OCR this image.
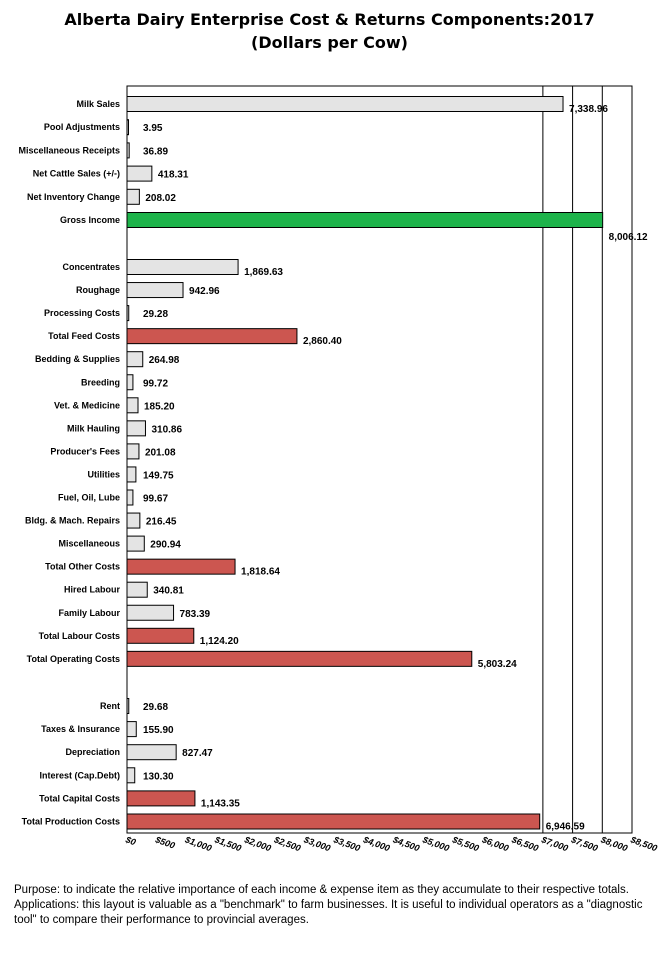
Alberta Dairy Enterprise Cost & Returns Components:2017
(Dollars per Cow)
Milk Sales
Pool Adjustments
Miscellaneous Receipts
Net Cattle Sales (+/-)
Net Inventory Change
Gross Income
Concentrates
Roughage
Processing Costs
Total Feed Costs
Bedding & Supplies
Breeding
Vet. & Medicine
Milk Hauling
Producer's Fees
Utilities
Fuel, Oil, Lube
Bldg. & Mach. Repairs
Miscellaneous
Total Other Costs
Hired Labour
Family Labour
Total Labour Costs
Total Operating Costs
Rent
Taxes & Insurance
Depreciation
Interest (Cap.Debt)
Total Capital Costs
Total Production Costs
7,338.96
3.95
36.89
418.31
208.02
8,006.12
1,869.63
942.96
29.28
2,860.40
264.98
99.72
185.20
310.86
201.08
149.75
99.67
216.45
290.94
1,818.64
340.81
783.39
1,124.20
5,803.24
29.68
155.90
827.47
130.30
1,143.35
6,946.59
$0 $500 $1,000 $1,500 $2,000 $2,500 $3,000 $3,500 $4,000 $4,500 $5,000 $5,500 $6,000 $6,500 $7,000 $7,500 $8,000 $8,500

Purpose: to indicate the relative importance of each income & expense item as they accumulate to their respective totals.

Applications: this layout is valuable as a "benchmark" to farm businesses. It is useful to individual operators as a "diagnostic tool" to compare their performance to provincial averages.
